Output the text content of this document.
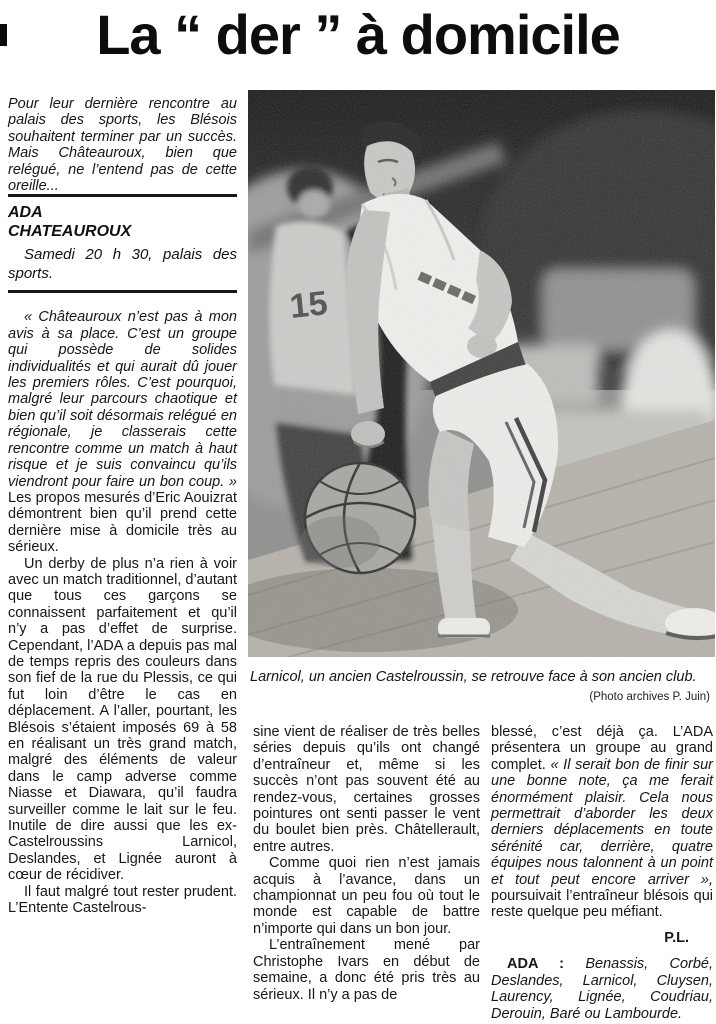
La “ der ” à domicile

Pour leur dernière rencontre au palais des sports, les Blésois souhaitent terminer par un succès. Mais Châteauroux, bien que relégué, ne l’entend pas de cette oreille...

ADA
CHATEAUROUX

Samedi 20 h 30, palais des sports.

« Châteauroux n’est pas à mon avis à sa place. C’est un groupe qui possède de solides individualités et qui aurait dû jouer les premiers rôles. C’est pourquoi, malgré leur parcours chaotique et bien qu’il soit désormais relégué en régionale, je classerais cette rencontre comme un match à haut risque et je suis convaincu qu’ils viendront pour faire un bon coup. » Les propos mesurés d’Eric Aouizrat démontrent bien qu’il prend cette dernière mise à domicile très au sérieux.

Un derby de plus n’a rien à voir avec un match traditionnel, d’autant que tous ces garçons se connaissent parfaitement et qu’il n’y a pas d’effet de surprise. Cependant, l’ADA a depuis pas mal de temps repris des couleurs dans son fief de la rue du Plessis, ce qui fut loin d’être le cas en déplacement. A l’aller, pourtant, les Blésois s’étaient imposés 69 à 58 en réalisant un très grand match, malgré des éléments de valeur dans le camp adverse comme Niasse et Diawara, qu’il faudra surveiller comme le lait sur le feu. Inutile de dire aussi que les ex-Castelroussins Larnicol, Deslandes, et Lignée auront à cœur de récidiver.

Il faut malgré tout rester prudent. L’Entente Castelrous-

Larnicol, un ancien Castelroussin, se retrouve face à son ancien club.
(Photo archives P. Juin)

sine vient de réaliser de très belles séries depuis qu’ils ont changé d’entraîneur et, même si les succès n’ont pas souvent été au rendez-vous, certaines grosses pointures ont senti passer le vent du boulet bien près. Châtellerault, entre autres.

Comme quoi rien n’est jamais acquis à l’avance, dans un championnat un peu fou où tout le monde est capable de battre n’importe qui dans un bon jour.

L’entraînement mené par Christophe Ivars en début de semaine, a donc été pris très au sérieux. Il n’y a pas de

blessé, c’est déjà ça. L’ADA présentera un groupe au grand complet. « Il serait bon de finir sur une bonne note, ça me ferait énormément plaisir. Cela nous permettrait d’aborder les deux derniers déplacements en toute sérénité car, derrière, quatre équipes nous talonnent à un point et tout peut encore arriver », poursuivait l’entraîneur blésois qui reste quelque peu méfiant.

P.L.

ADA : Benassis, Corbé, Deslandes, Larnicol, Cluysen, Laurency, Lignée, Coudriau, Derouin, Baré ou Lambourde.
